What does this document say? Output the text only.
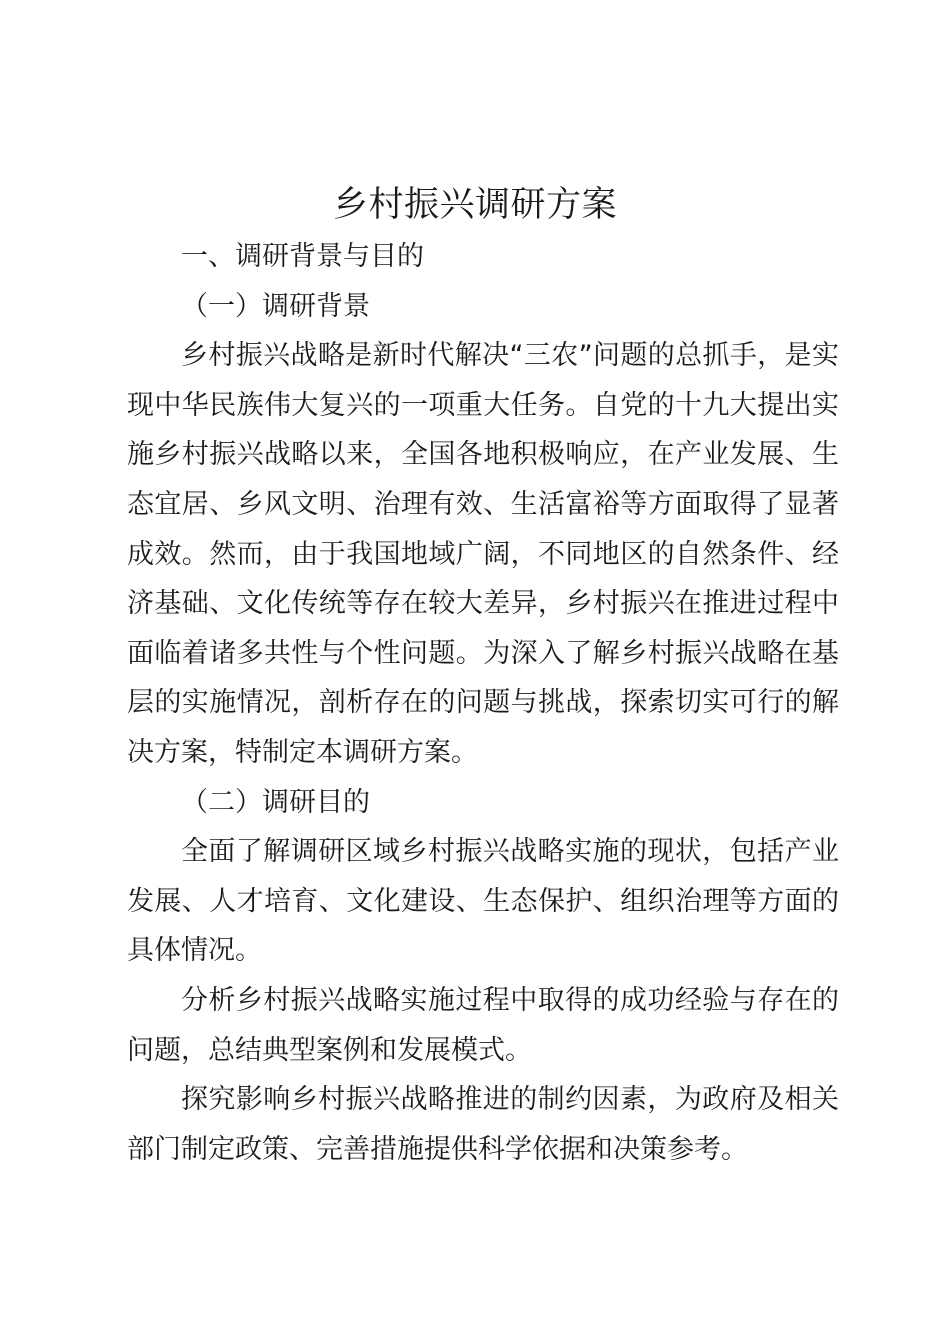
乡村振兴调研方案

一、调研背景与目的

（一）调研背景

乡村振兴战略是新时代解决“三农”问题的总抓手，是实现中华民族伟大复兴的一项重大任务。自党的十九大提出实施乡村振兴战略以来，全国各地积极响应，在产业发展、生态宜居、乡风文明、治理有效、生活富裕等方面取得了显著成效。然而，由于我国地域广阔，不同地区的自然条件、经济基础、文化传统等存在较大差异，乡村振兴在推进过程中面临着诸多共性与个性问题。为深入了解乡村振兴战略在基层的实施情况，剖析存在的问题与挑战，探索切实可行的解决方案，特制定本调研方案。

（二）调研目的

全面了解调研区域乡村振兴战略实施的现状，包括产业发展、人才培育、文化建设、生态保护、组织治理等方面的具体情况。

分析乡村振兴战略实施过程中取得的成功经验与存在的问题，总结典型案例和发展模式。

探究影响乡村振兴战略推进的制约因素，为政府及相关部门制定政策、完善措施提供科学依据和决策参考。
